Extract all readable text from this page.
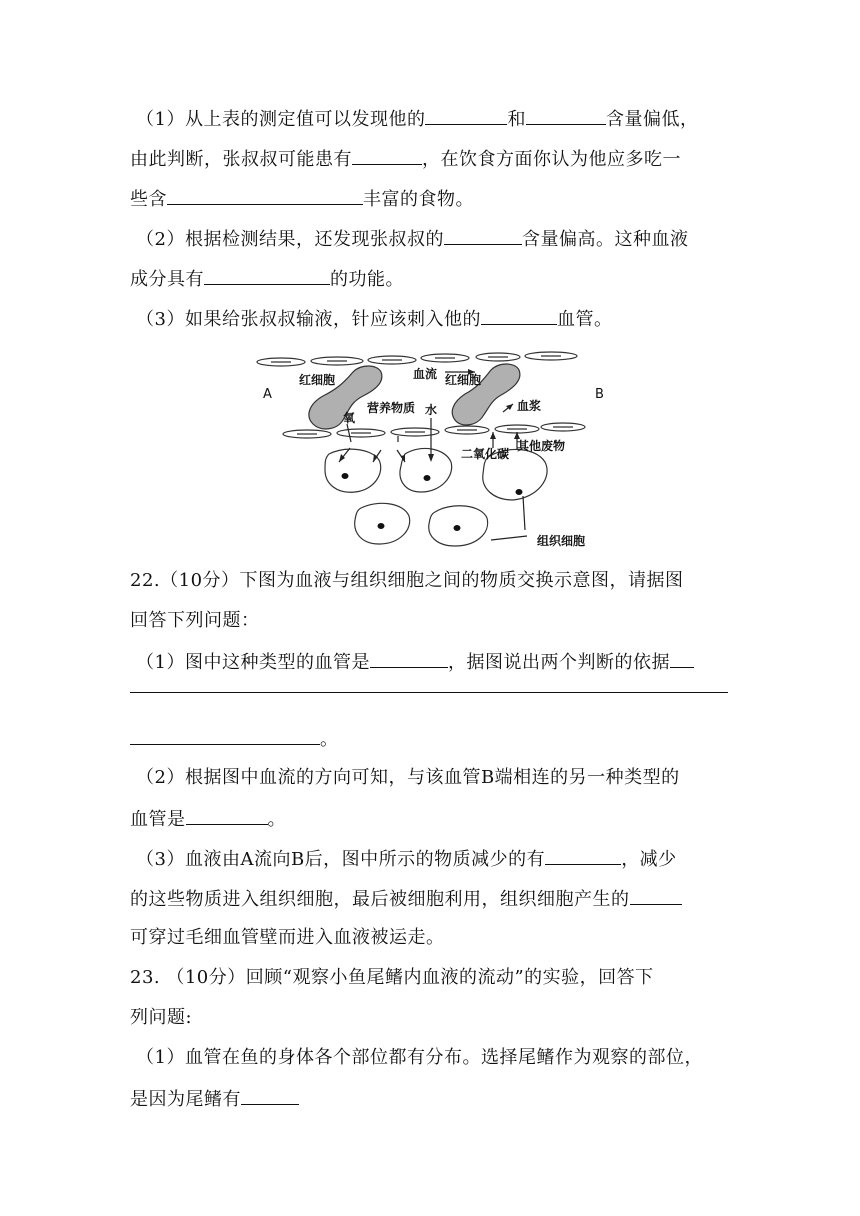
（1）从上表的测定值可以发现他的	和	含量偏低，
由此判断，张叔叔可能患有	，在饮食方面你认为他应多吃一
些含	丰富的食物。
（2）根据检测结果，还发现张叔叔的	含量偏高。这种血液
成分具有	的功能。
（3）如果给张叔叔输液，针应该刺入他的	血管。
A	B
红细胞	血流 红细胞
氧
营养物质 水	血浆
二氧化碳
其他废物
组织细胞
22.（10分）下图为血液与组织细胞之间的物质交换示意图，请据图
回答下列问题：
（1）图中这种类型的血管是	，据图说出两个判断的依据
。
（2）根据图中血流的方向可知，与该血管B端相连的另一种类型的
血管是	。
（3）血液由A流向B后，图中所示的物质减少的有	，减少
的这些物质进入组织细胞，最后被细胞利用，组织细胞产生的
可穿过毛细血管壁而进入血液被运走。
23. （10分）回顾“观察小鱼尾鳍内血液的流动”的实验，回答下
列问题:
（1）血管在鱼的身体各个部位都有分布。选择尾鳍作为观察的部位，
是因为尾鳍有
